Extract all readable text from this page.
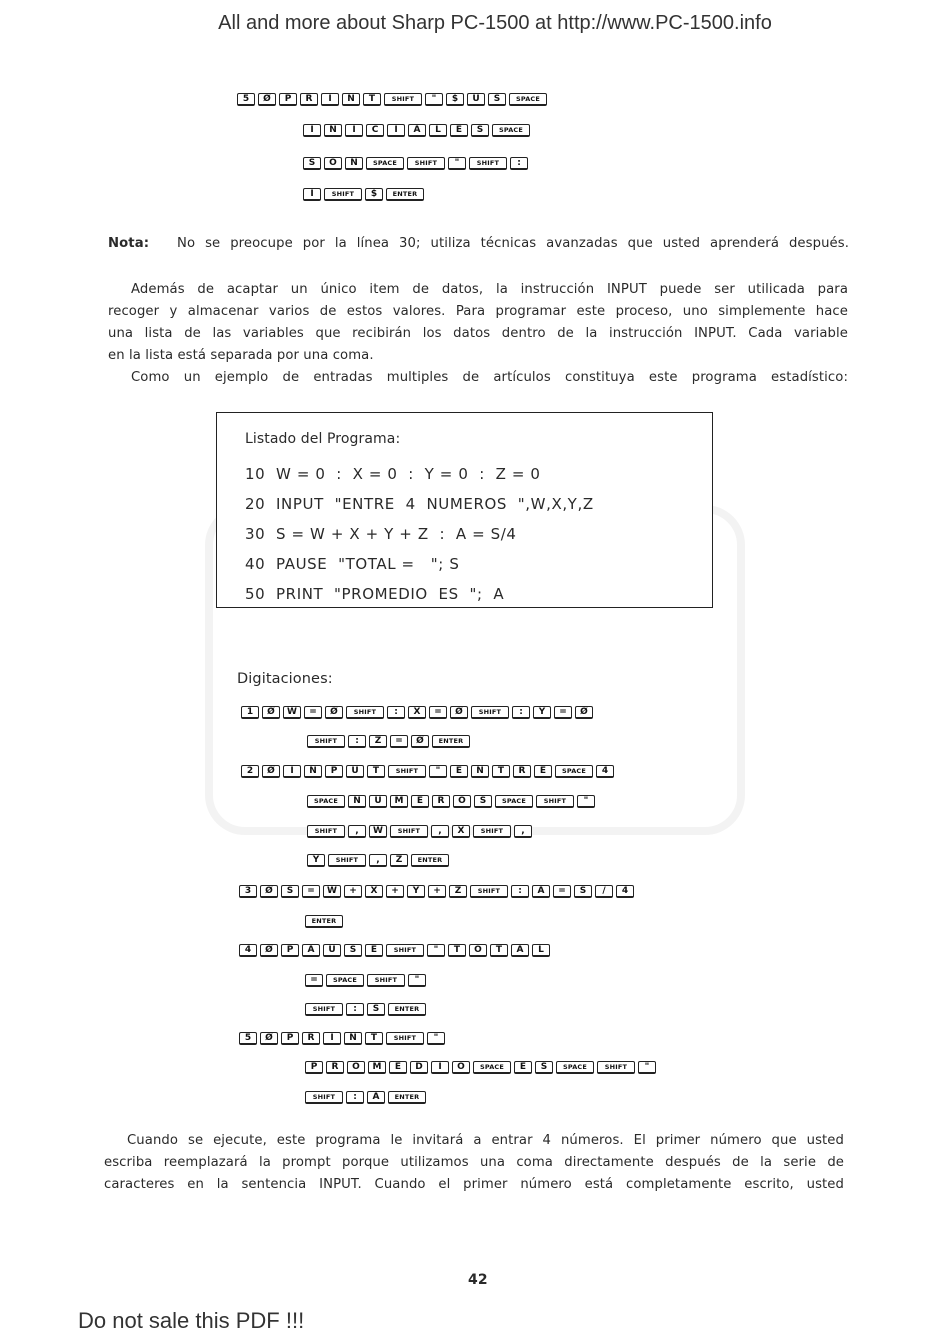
All and more about Sharp PC-1500 at http://www.PC-1500.info
5	Ø	P	R	I	N	T	SHIFT	"	$	U	S	SPACE
I	N	I	C	I	A	L	E	S	SPACE
S	O	N	SPACE	SHIFT	"	SHIFT	:
I	SHIFT	$	ENTER
Nota: No se preocupe por la línea 30; utiliza técnicas avanzadas que usted aprenderá después.
Además de acaptar un único item de datos, la instrucción INPUT puede ser utilicada para
recoger y almacenar varios de estos valores. Para programar este proceso, uno simplemente hace
una lista de las variables que recibirán los datos dentro de la instrucción INPUT. Cada variable
en la lista está separada por una coma.
Como un ejemplo de entradas multiples de artículos constituya este programa estadístico:
Listado del Programa:
10  W = 0  :  X = 0  :  Y = 0  :  Z = 0
20  INPUT  "ENTRE  4  NUMEROS  ",W,X,Y,Z
30  S = W + X + Y + Z  :  A = S/4
40  PAUSE  "TOTAL =   "; S
50  PRINT  "PROMEDIO  ES  ";  A
Digitaciones:
1	Ø	W	=	Ø	SHIFT	:	X	=	Ø	SHIFT	:	Y	=	Ø
SHIFT	:	Z	=	Ø	ENTER
2	Ø	I	N	P	U	T	SHIFT	"	E	N	T	R	E	SPACE	4
SPACE	N	U	M	E	R	O	S	SPACE	SHIFT	"
SHIFT	,	W	SHIFT	,	X	SHIFT	,
Y	SHIFT	,	Z	ENTER
3	Ø	S	=	W	+	X	+	Y	+	Z	SHIFT	:	A	=	S	/	4
ENTER
4	Ø	P	A	U	S	E	SHIFT	"	T	O	T	A	L
=	SPACE	SHIFT	"
SHIFT	:	S	ENTER
5	Ø	P	R	I	N	T	SHIFT	"
P	R	O	M	E	D	I	O	SPACE	E	S	SPACE	SHIFT	"
SHIFT	:	A	ENTER
Cuando se ejecute, este programa le invitará a entrar 4 números. El primer número que usted
escriba reemplazará la prompt porque utilizamos una coma directamente después de la serie de
caracteres en la sentencia INPUT. Cuando el primer número está completamente escrito, usted
42
Do not sale this PDF !!!
